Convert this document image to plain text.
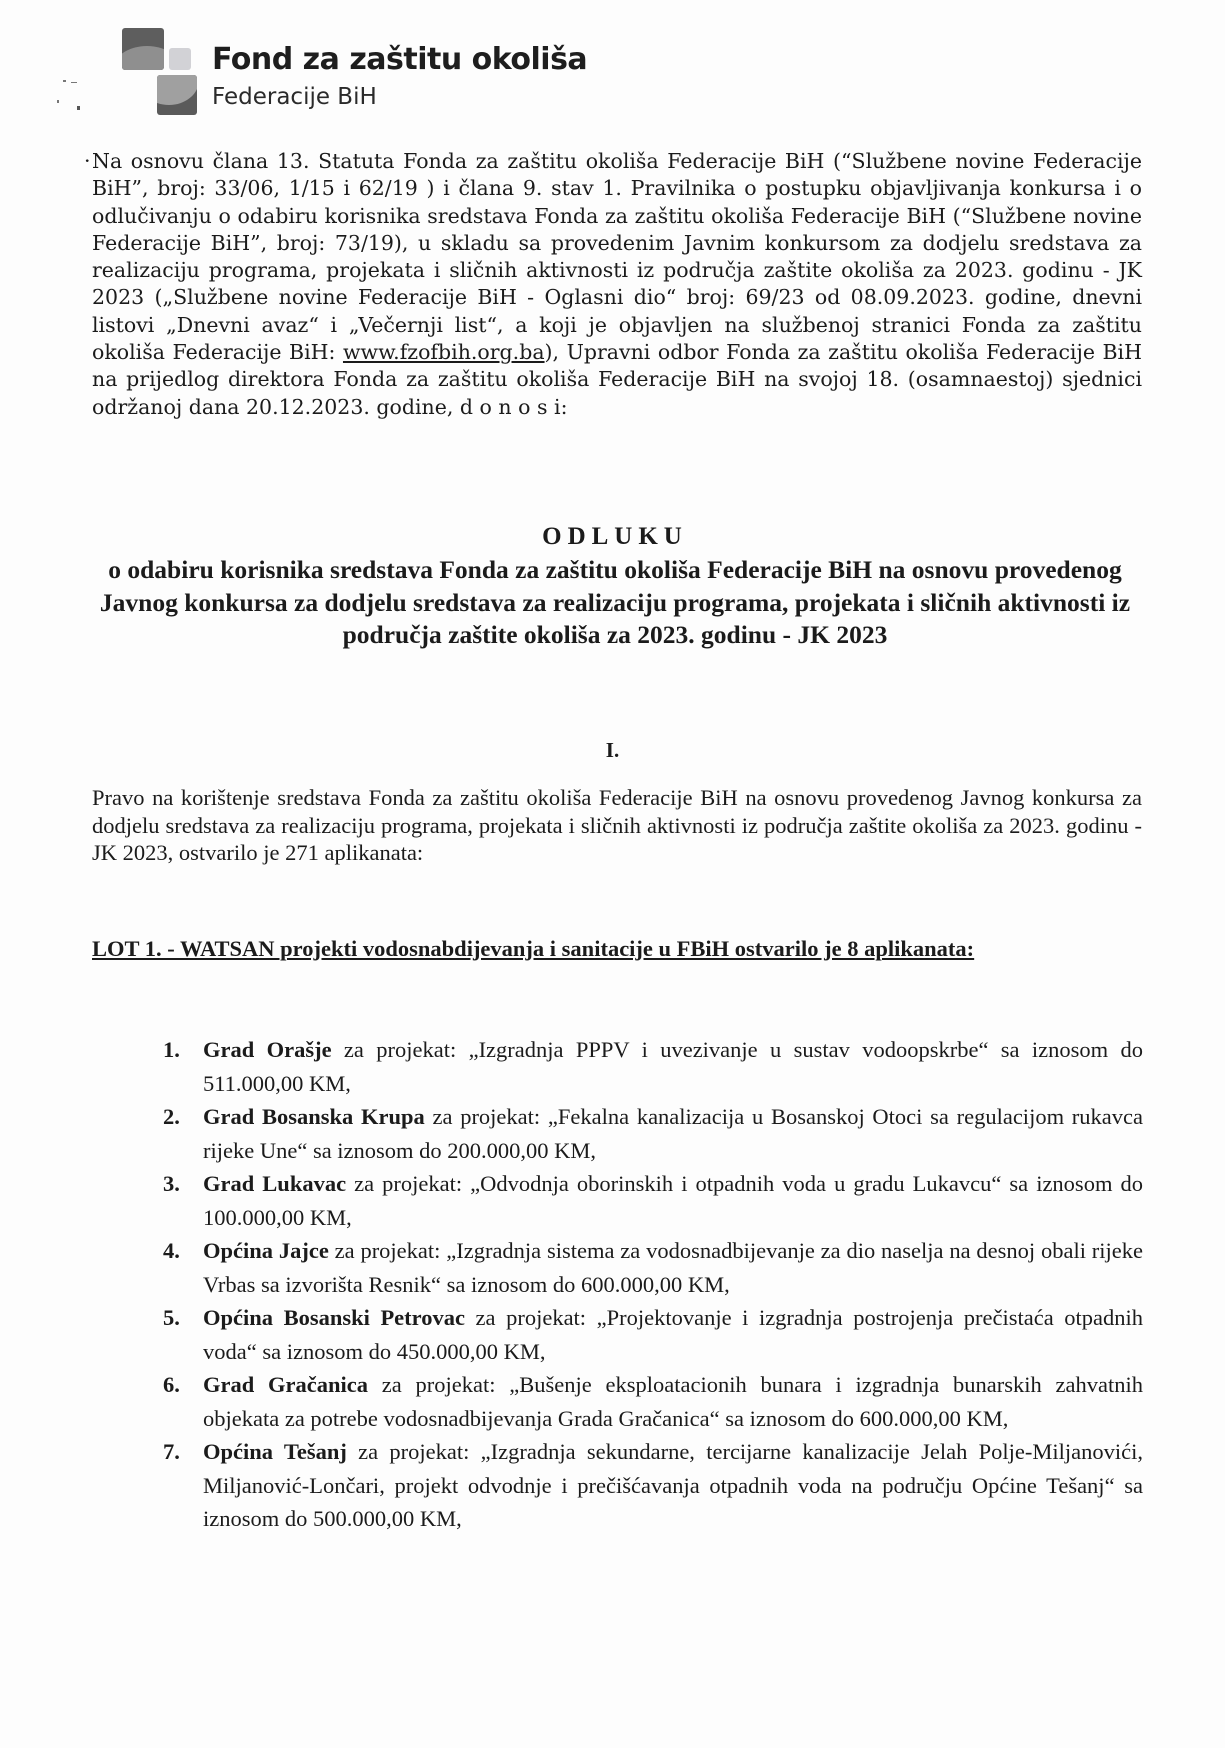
Fond za zaštitu okoliša
Federacije BiH
· Na osnovu člana 13. Statuta Fonda za zaštitu okoliša Federacije BiH (“Službene novine Federacije BiH”, broj: 33/06, 1/15 i 62/19 ) i člana 9. stav 1. Pravilnika o postupku objavljivanja konkursa i o odlučivanju o odabiru korisnika sredstava Fonda za zaštitu okoliša Federacije BiH (“Službene novine Federacije BiH”, broj: 73/19), u skladu sa provedenim Javnim konkursom za dodjelu sredstava za realizaciju programa, projekata i sličnih aktivnosti iz područja zaštite okoliša za 2023. godinu - JK 2023 („Službene novine Federacije BiH - Oglasni dio“ broj: 69/23 od 08.09.2023. godine, dnevni listovi „Dnevni avaz“ i „Večernji list“, a koji je objavljen na službenoj stranici Fonda za zaštitu okoliša Federacije BiH: www.fzofbih.org.ba), Upravni odbor Fonda za zaštitu okoliša Federacije BiH na prijedlog direktora Fonda za zaštitu okoliša Federacije BiH na svojoj 18. (osamnaestoj) sjednici održanoj dana 20.12.2023. godine, d o n o s i:
ODLUKU
o odabiru korisnika sredstava Fonda za zaštitu okoliša Federacije BiH na osnovu provedenog Javnog konkursa za dodjelu sredstava za realizaciju programa, projekata i sličnih aktivnosti iz područja zaštite okoliša za 2023. godinu - JK 2023
I.
Pravo na korištenje sredstava Fonda za zaštitu okoliša Federacije BiH na osnovu provedenog Javnog konkursa za dodjelu sredstava za realizaciju programa, projekata i sličnih aktivnosti iz područja zaštite okoliša za 2023. godinu - JK 2023, ostvarilo je 271 aplikanata:
LOT 1. - WATSAN projekti vodosnabdijevanja i sanitacije u FBiH ostvarilo je 8 aplikanata:
1. Grad Orašje za projekat: „Izgradnja PPPV i uvezivanje u sustav vodoopskrbe“ sa iznosom do 511.000,00 KM,
2. Grad Bosanska Krupa za projekat: „Fekalna kanalizacija u Bosanskoj Otoci sa regulacijom rukavca rijeke Une“ sa iznosom do 200.000,00 KM,
3. Grad Lukavac za projekat: „Odvodnja oborinskih i otpadnih voda u gradu Lukavcu“ sa iznosom do 100.000,00 KM,
4. Općina Jajce za projekat: „Izgradnja sistema za vodosnadbijevanje za dio naselja na desnoj obali rijeke Vrbas sa izvorišta Resnik“ sa iznosom do 600.000,00 KM,
5. Općina Bosanski Petrovac za projekat: „Projektovanje i izgradnja postrojenja prečistaća otpadnih voda“ sa iznosom do 450.000,00 KM,
6. Grad Gračanica za projekat: „Bušenje eksploatacionih bunara i izgradnja bunarskih zahvatnih objekata za potrebe vodosnadbijevanja Grada Gračanica“ sa iznosom do 600.000,00 KM,
7. Općina Tešanj za projekat: „Izgradnja sekundarne, tercijarne kanalizacije Jelah Polje-Miljanovići, Miljanović-Lončari, projekt odvodnje i prečišćavanja otpadnih voda na području Općine Tešanj“ sa iznosom do 500.000,00 KM,
